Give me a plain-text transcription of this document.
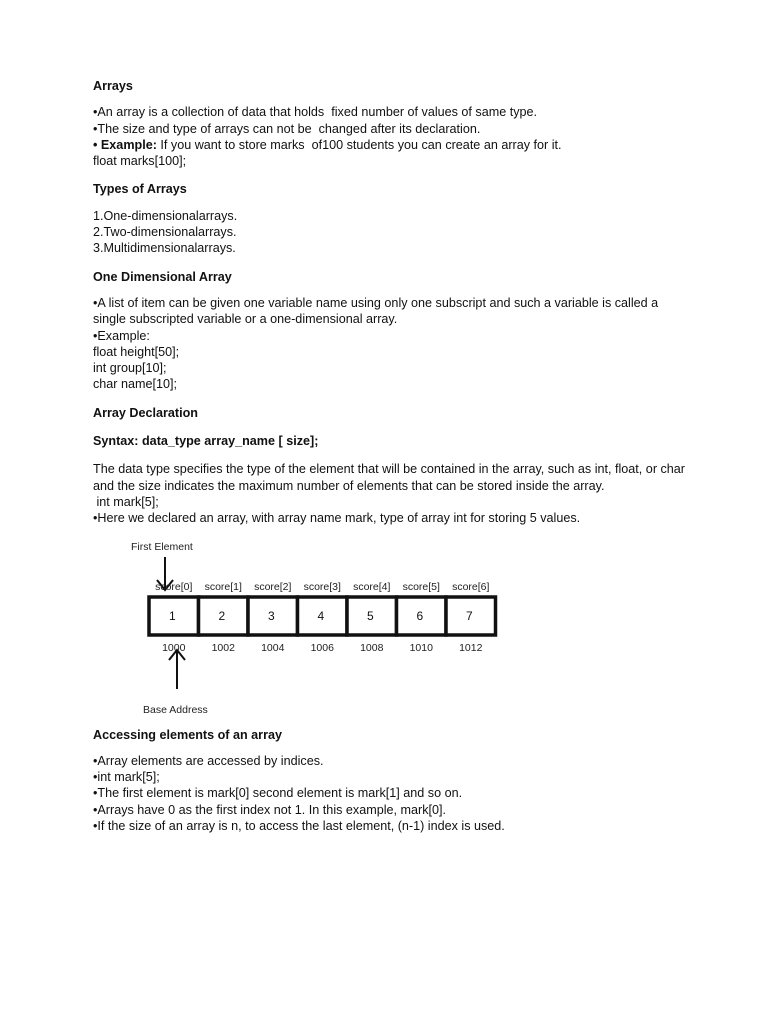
Arrays

•An array is a collection of data that holds  fixed number of values of same type.

•The size and type of arrays can not be  changed after its declaration.

• Example: If you want to store marks  of100 students you can create an array for it.

float marks[100];

Types of Arrays

1.One-dimensionalarrays.

2.Two-dimensionalarrays.

3.Multidimensionalarrays.

One Dimensional Array

•A list of item can be given one variable name using only one subscript and such a variable is called a single subscripted variable or a one-dimensional array.

•Example:

float height[50];

int group[10];

char name[10];

Array Declaration

Syntax: data_type array_name [ size];

The data type specifies the type of the element that will be contained in the array, such as int, float, or char and the size indicates the maximum number of elements that can be stored inside the array.

int mark[5];

•Here we declared an array, with array name mark, type of array int for storing 5 values.

First Element
score[0] score[1] score[2] score[3] score[4] score[5] score[6]
1	2	3	4	5	6	7
1000 1002 1004 1006 1008 1010 1012
Base Address

Accessing elements of an array

•Array elements are accessed by indices.

•int mark[5];

•The first element is mark[0] second element is mark[1] and so on.

•Arrays have 0 as the first index not 1. In this example, mark[0].

•If the size of an array is n, to access the last element, (n-1) index is used.
